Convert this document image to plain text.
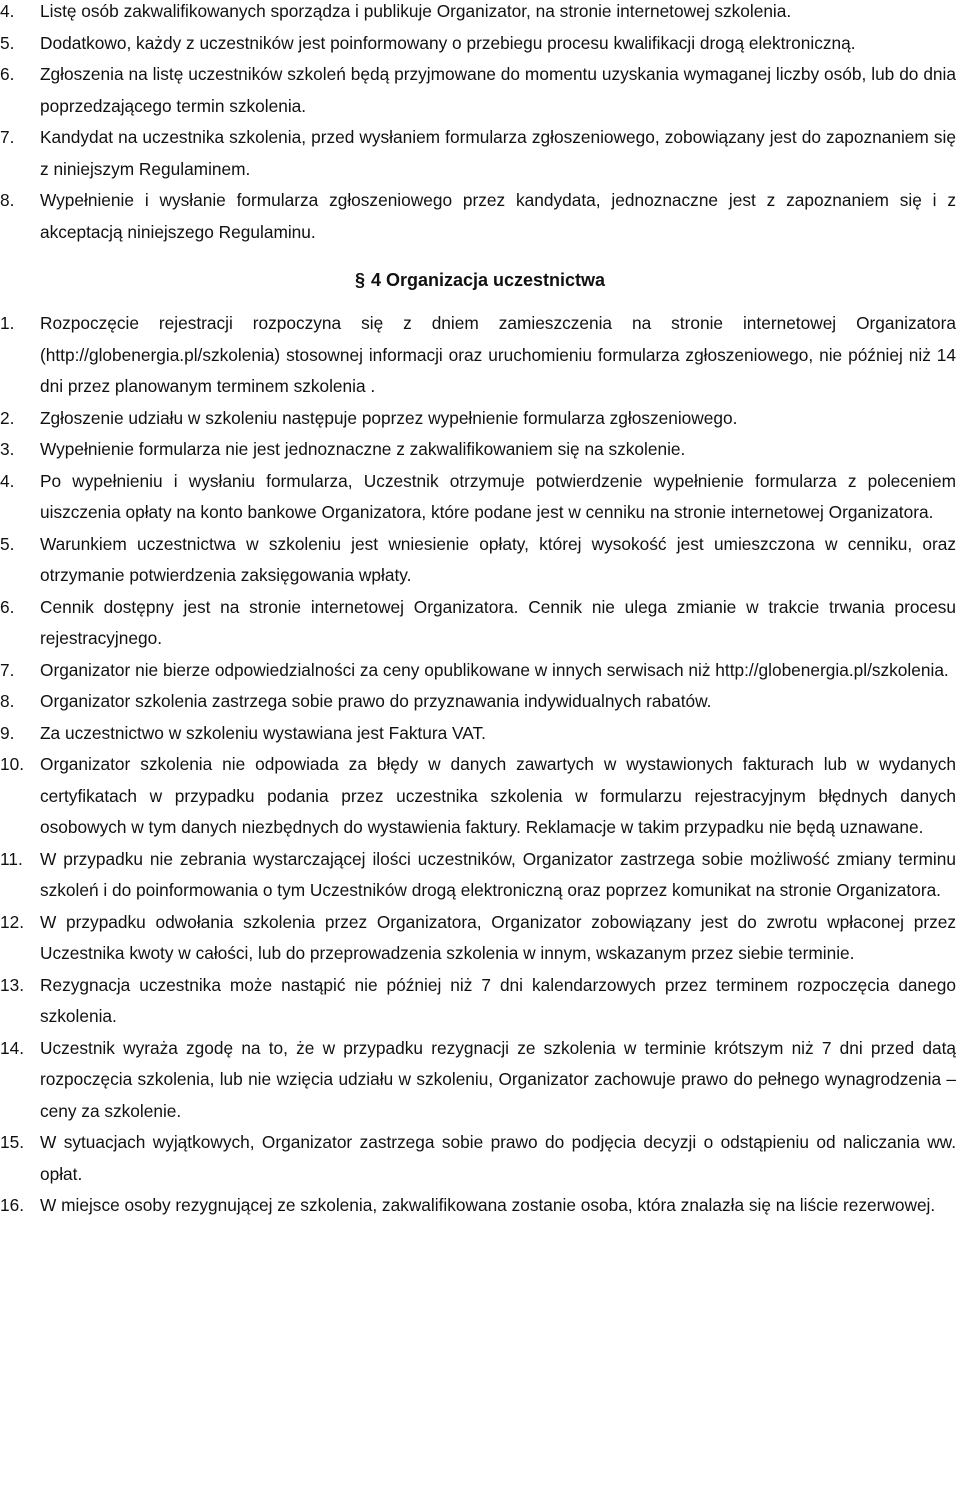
4.	Listę osób zakwalifikowanych sporządza i publikuje Organizator, na stronie internetowej szkolenia.
5.	Dodatkowo, każdy z uczestników jest poinformowany o przebiegu procesu kwalifikacji drogą elektroniczną.
6.	Zgłoszenia na listę uczestników szkoleń będą przyjmowane do momentu uzyskania wymaganej liczby osób, lub do dnia poprzedzającego termin szkolenia.
7.	Kandydat na uczestnika szkolenia, przed wysłaniem formularza zgłoszeniowego, zobowiązany jest do zapoznaniem się z niniejszym Regulaminem.
8.	Wypełnienie i wysłanie formularza zgłoszeniowego przez kandydata, jednoznaczne jest z zapoznaniem się i z akceptacją niniejszego Regulaminu.
§ 4 Organizacja uczestnictwa
1.	Rozpoczęcie rejestracji rozpoczyna się z dniem zamieszczenia na stronie internetowej Organizatora (http://globenergia.pl/szkolenia) stosownej informacji oraz uruchomieniu formularza zgłoszeniowego, nie później niż 14 dni przez planowanym terminem szkolenia .
2.	Zgłoszenie udziału w szkoleniu następuje poprzez wypełnienie formularza zgłoszeniowego.
3.	Wypełnienie formularza nie jest jednoznaczne z zakwalifikowaniem się na szkolenie.
4.	Po wypełnieniu i wysłaniu formularza, Uczestnik otrzymuje potwierdzenie wypełnienie formularza z poleceniem uiszczenia opłaty na konto bankowe Organizatora, które podane jest w cenniku na stronie internetowej Organizatora.
5.	Warunkiem uczestnictwa w szkoleniu jest wniesienie opłaty, której wysokość jest umieszczona w cenniku, oraz otrzymanie potwierdzenia zaksięgowania wpłaty.
6.	Cennik dostępny jest na stronie internetowej Organizatora. Cennik nie ulega zmianie w trakcie trwania procesu rejestracyjnego.
7.	Organizator nie bierze odpowiedzialności za ceny opublikowane w innych serwisach niż http://globenergia.pl/szkolenia.
8.	Organizator szkolenia zastrzega sobie prawo do przyznawania indywidualnych rabatów.
9.	Za uczestnictwo w szkoleniu wystawiana jest Faktura VAT.
10. Organizator szkolenia nie odpowiada za błędy w danych zawartych w wystawionych fakturach lub w wydanych certyfikatach w przypadku podania przez uczestnika szkolenia w formularzu rejestracyjnym błędnych danych osobowych w tym danych niezbędnych do wystawienia faktury. Reklamacje w takim przypadku nie będą uznawane.
11. W przypadku nie zebrania wystarczającej ilości uczestników, Organizator zastrzega sobie możliwość zmiany terminu szkoleń i do poinformowania o tym Uczestników drogą elektroniczną oraz poprzez komunikat na stronie Organizatora.
12. W przypadku odwołania szkolenia przez Organizatora, Organizator zobowiązany jest do zwrotu wpłaconej przez Uczestnika kwoty w całości, lub do przeprowadzenia szkolenia w innym, wskazanym przez siebie terminie.
13. Rezygnacja uczestnika może nastąpić nie później niż 7 dni kalendarzowych przez terminem rozpoczęcia danego szkolenia.
14. Uczestnik wyraża zgodę na to, że w przypadku rezygnacji ze szkolenia w terminie krótszym niż 7 dni przed datą rozpoczęcia szkolenia, lub nie wzięcia udziału w szkoleniu, Organizator zachowuje prawo do pełnego wynagrodzenia – ceny za szkolenie.
15. W sytuacjach wyjątkowych, Organizator zastrzega sobie prawo do podjęcia decyzji o odstąpieniu od naliczania ww. opłat.
16. W miejsce osoby rezygnującej ze szkolenia, zakwalifikowana zostanie osoba, która znalazła się na liście rezerwowej.
